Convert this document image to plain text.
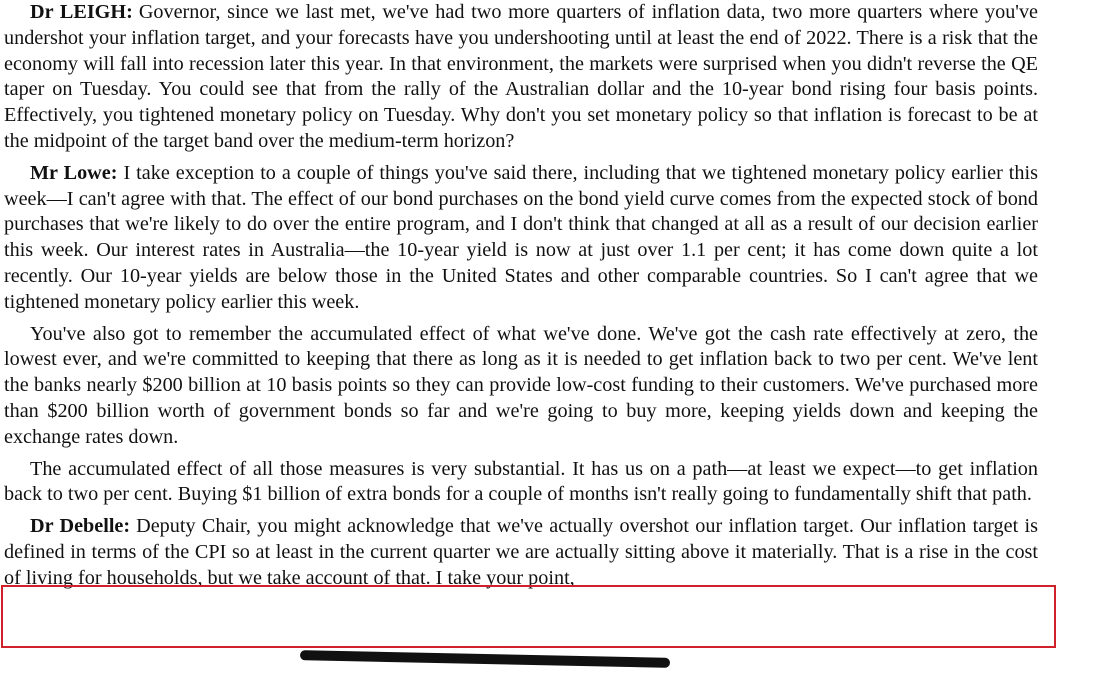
Dr LEIGH: Governor, since we last met, we've had two more quarters of inflation data, two more quarters where you've undershot your inflation target, and your forecasts have you undershooting until at least the end of 2022. There is a risk that the economy will fall into recession later this year. In that environment, the markets were surprised when you didn't reverse the QE taper on Tuesday. You could see that from the rally of the Australian dollar and the 10-year bond rising four basis points. Effectively, you tightened monetary policy on Tuesday. Why don't you set monetary policy so that inflation is forecast to be at the midpoint of the target band over the medium-term horizon?

Mr Lowe: I take exception to a couple of things you've said there, including that we tightened monetary policy earlier this week—I can't agree with that. The effect of our bond purchases on the bond yield curve comes from the expected stock of bond purchases that we're likely to do over the entire program, and I don't think that changed at all as a result of our decision earlier this week. Our interest rates in Australia—the 10-year yield is now at just over 1.1 per cent; it has come down quite a lot recently. Our 10-year yields are below those in the United States and other comparable countries. So I can't agree that we tightened monetary policy earlier this week.

You've also got to remember the accumulated effect of what we've done. We've got the cash rate effectively at zero, the lowest ever, and we're committed to keeping that there as long as it is needed to get inflation back to two per cent. We've lent the banks nearly $200 billion at 10 basis points so they can provide low-cost funding to their customers. We've purchased more than $200 billion worth of government bonds so far and we're going to buy more, keeping yields down and keeping the exchange rates down.

The accumulated effect of all those measures is very substantial. It has us on a path—at least we expect—to get inflation back to two per cent. Buying $1 billion of extra bonds for a couple of months isn't really going to fundamentally shift that path.

Dr Debelle: Deputy Chair, you might acknowledge that we've actually overshot our inflation target. Our inflation target is defined in terms of the CPI so at least in the current quarter we are actually sitting above it materially. That is a rise in the cost of living for households, but we take account of that. I take your point,
